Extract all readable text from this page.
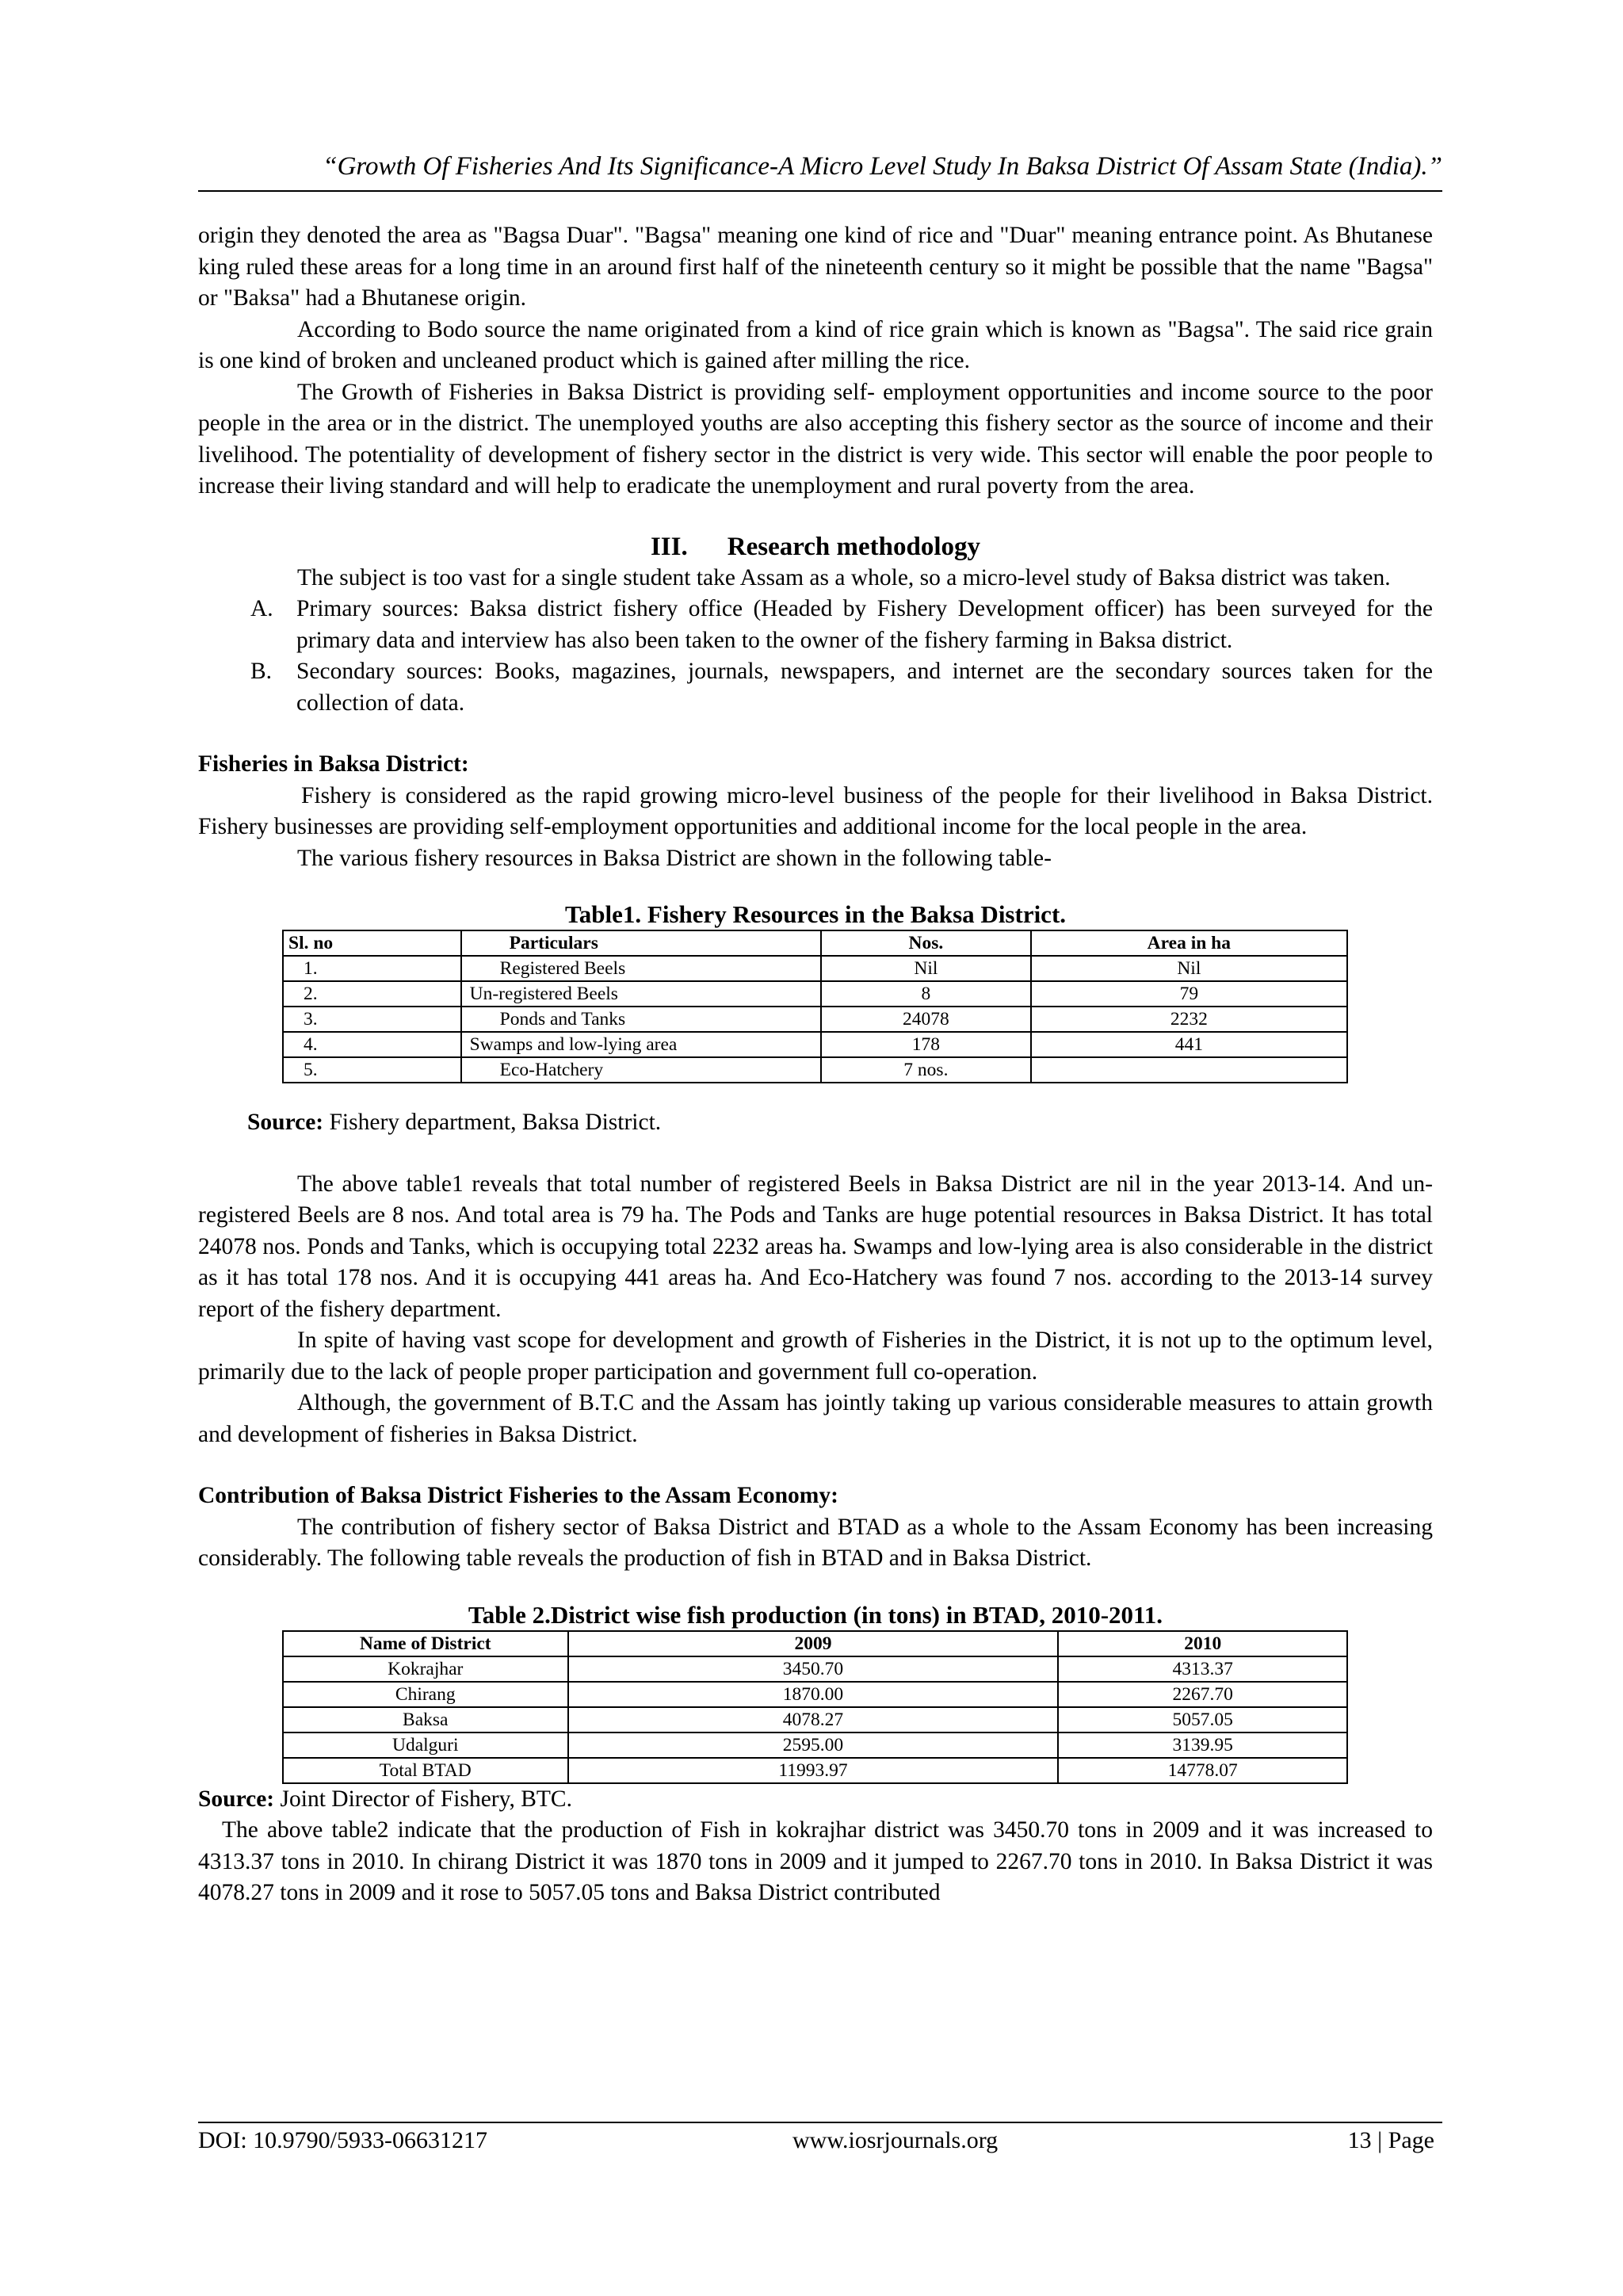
“Growth Of Fisheries And Its Significance-A Micro Level Study In Baksa District Of Assam State (India).”

origin they denoted the area as "Bagsa Duar". "Bagsa" meaning one kind of rice and "Duar" meaning entrance point. As Bhutanese king ruled these areas for a long time in an around first half of the nineteenth century so it might be possible that the name "Bagsa" or "Baksa" had a Bhutanese origin.

According to Bodo source the name originated from a kind of rice grain which is known as "Bagsa". The said rice grain is one kind of broken and uncleaned product which is gained after milling the rice.

The Growth of Fisheries in Baksa District is providing self- employment opportunities and income source to the poor people in the area or in the district. The unemployed youths are also accepting this fishery sector as the source of income and their livelihood. The potentiality of development of fishery sector in the district is very wide. This sector will enable the poor people to increase their living standard and will help to eradicate the unemployment and rural poverty from the area.

III. Research methodology

The subject is too vast for a single student take Assam as a whole, so a micro-level study of Baksa district was taken.

A. Primary sources: Baksa district fishery office (Headed by Fishery Development officer) has been surveyed for the primary data and interview has also been taken to the owner of the fishery farming in Baksa district.
B. Secondary sources: Books, magazines, journals, newspapers, and internet are the secondary sources taken for the collection of data.

Fisheries in Baksa District:

Fishery is considered as the rapid growing micro-level business of the people for their livelihood in Baksa District. Fishery businesses are providing self-employment opportunities and additional income for the local people in the area.

The various fishery resources in Baksa District are shown in the following table-

Table1. Fishery Resources in the Baksa District.

Sl. no	Particulars	Nos.	Area in ha
1.	Registered Beels	Nil	Nil
2.	Un-registered Beels	8	79
3.	Ponds and Tanks	24078	2232
4.	Swamps and low-lying area	178	441
5.	Eco-Hatchery	7 nos.	

Source: Fishery department, Baksa District.

The above table1 reveals that total number of registered Beels in Baksa District are nil in the year 2013-14. And un-registered Beels are 8 nos. And total area is 79 ha. The Pods and Tanks are huge potential resources in Baksa District. It has total 24078 nos. Ponds and Tanks, which is occupying total 2232 areas ha. Swamps and low-lying area is also considerable in the district as it has total 178 nos. And it is occupying 441 areas ha. And Eco-Hatchery was found 7 nos. according to the 2013-14 survey report of the fishery department.

In spite of having vast scope for development and growth of Fisheries in the District, it is not up to the optimum level, primarily due to the lack of people proper participation and government full co-operation.

Although, the government of B.T.C and the Assam has jointly taking up various considerable measures to attain growth and development of fisheries in Baksa District.

Contribution of Baksa District Fisheries to the Assam Economy:

The contribution of fishery sector of Baksa District and BTAD as a whole to the Assam Economy has been increasing considerably. The following table reveals the production of fish in BTAD and in Baksa District.

Table 2.District wise fish production (in tons) in BTAD, 2010-2011.

Name of District	2009	2010
Kokrajhar	3450.70	4313.37
Chirang	1870.00	2267.70
Baksa	4078.27	5057.05
Udalguri	2595.00	3139.95
Total BTAD	11993.97	14778.07

Source: Joint Director of Fishery, BTC.

The above table2 indicate that the production of Fish in kokrajhar district was 3450.70 tons in 2009 and it was increased to 4313.37 tons in 2010. In chirang District it was 1870 tons in 2009 and it jumped to 2267.70 tons in 2010. In Baksa District it was 4078.27 tons in 2009 and it rose to 5057.05 tons and Baksa District contributed

DOI: 10.9790/5933-06631217	www.iosrjournals.org	13 | Page
